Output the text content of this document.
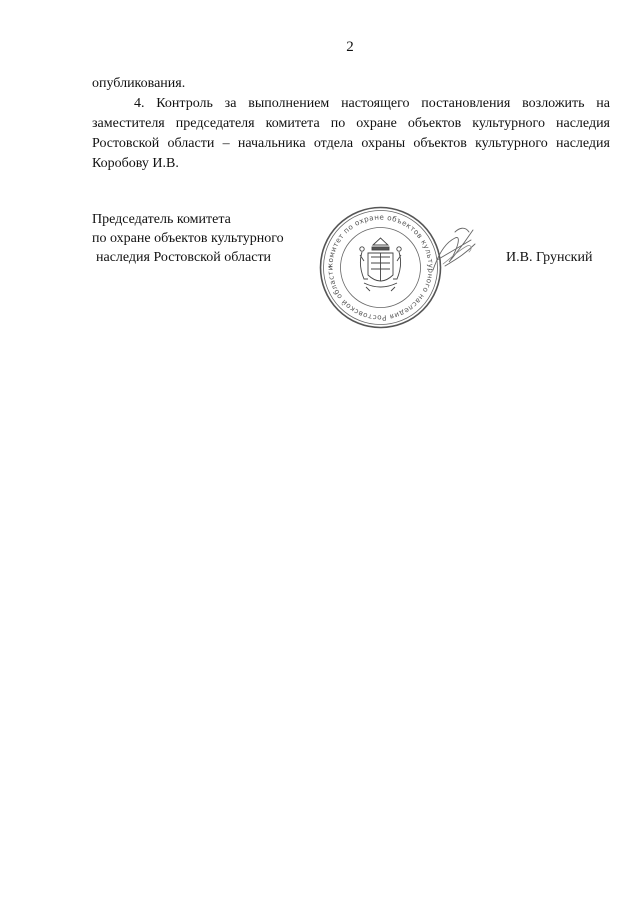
2

опубликования.

4. Контроль за выполнением настоящего постановления возложить на заместителя председателя комитета по охране объектов культурного наследия Ростовской области – начальника отдела охраны объектов культурного наследия Коробову И.В.

Председатель комитета

по охране объектов культурного

наследия Ростовской области

комитет по охране объектов культурного наследия Ростовской области
И.В. Грунский
